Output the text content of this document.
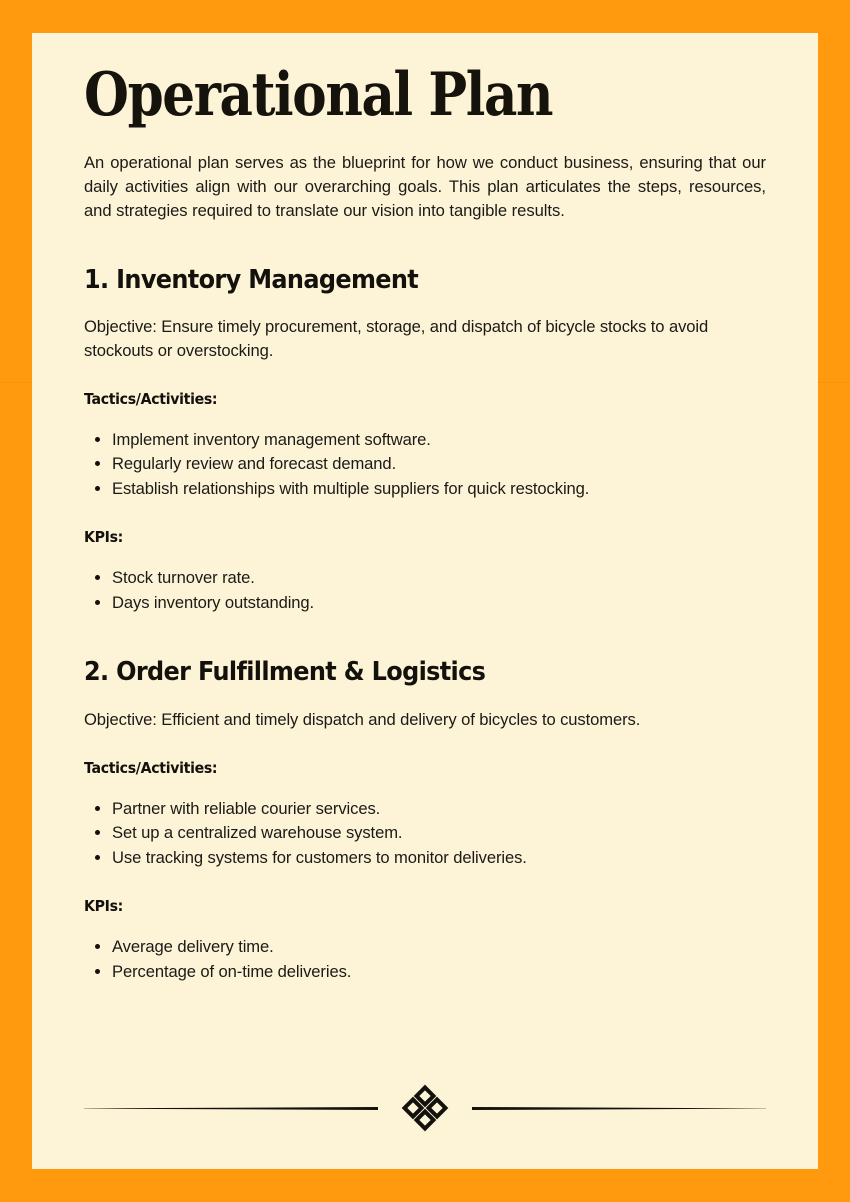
Operational Plan

An operational plan serves as the blueprint for how we conduct business, ensuring that our daily activities align with our overarching goals. This plan articulates the steps, resources, and strategies required to translate our vision into tangible results.

1. Inventory Management

Objective: Ensure timely procurement, storage, and dispatch of bicycle stocks to avoid stockouts or overstocking.

Tactics/Activities:
Implement inventory management software.
Regularly review and forecast demand.
Establish relationships with multiple suppliers for quick restocking.
KPIs:
Stock turnover rate.
Days inventory outstanding.
2. Order Fulfillment & Logistics

Objective: Efficient and timely dispatch and delivery of bicycles to customers.

Tactics/Activities:
Partner with reliable courier services.
Set up a centralized warehouse system.
Use tracking systems for customers to monitor deliveries.
KPIs:
Average delivery time.
Percentage of on-time deliveries.
